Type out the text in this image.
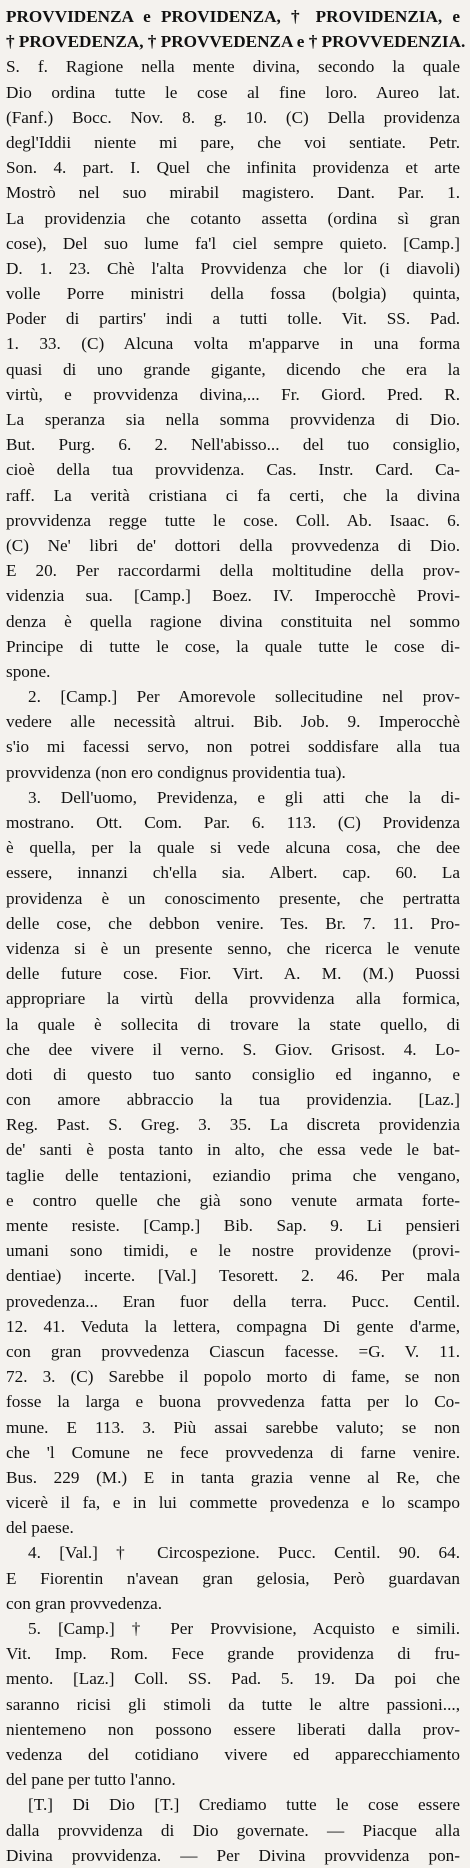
PROVVIDENZA e PROVIDENZA, † PROVIDENZIA, e
† PROVEDENZA, † PROVVEDENZA e † PROVVEDENZIA.
S. f. Ragione nella mente divina, secondo la quale
Dio ordina tutte le cose al fine loro. Aureo lat.
(Fanf.) Bocc. Nov. 8. g. 10. (C) Della providenza
degl'Iddii niente mi pare, che voi sentiate. Petr.
Son. 4. part. I. Quel che infinita providenza et arte
Mostrò nel suo mirabil magistero. Dant. Par. 1.
La providenzia che cotanto assetta (ordina sì gran
cose), Del suo lume fa'l ciel sempre quieto. [Camp.]
D. 1. 23. Chè l'alta Provvidenza che lor (i diavoli)
volle Porre ministri della fossa (bolgia) quinta,
Poder di partirs' indi a tutti tolle. Vit. SS. Pad.
1. 33. (C) Alcuna volta m'apparve in una forma
quasi di uno grande gigante, dicendo che era la
virtù, e provvidenza divina,... Fr. Giord. Pred. R.
La speranza sia nella somma provvidenza di Dio.
But. Purg. 6. 2. Nell'abisso... del tuo consiglio,
cioè della tua provvidenza. Cas. Instr. Card. Ca-
raff. La verità cristiana ci fa certi, che la divina
provvidenza regge tutte le cose. Coll. Ab. Isaac. 6.
(C) Ne' libri de' dottori della provvedenza di Dio.
E 20. Per raccordarmi della moltitudine della prov-
videnzia sua. [Camp.] Boez. IV. Imperocchè Provi-
denza è quella ragione divina constituita nel sommo
Principe di tutte le cose, la quale tutte le cose di-
spone.
2. [Camp.] Per Amorevole sollecitudine nel prov-
vedere alle necessità altrui. Bib. Job. 9. Imperocchè
s'io mi facessi servo, non potrei soddisfare alla tua
provvidenza (non ero condignus providentia tua).
3. Dell'uomo, Previdenza, e gli atti che la di-
mostrano. Ott. Com. Par. 6. 113. (C) Providenza
è quella, per la quale si vede alcuna cosa, che dee
essere, innanzi ch'ella sia. Albert. cap. 60. La
providenza è un conoscimento presente, che pertratta
delle cose, che debbon venire. Tes. Br. 7. 11. Pro-
videnza si è un presente senno, che ricerca le venute
delle future cose. Fior. Virt. A. M. (M.) Puossi
appropriare la virtù della provvidenza alla formica,
la quale è sollecita di trovare la state quello, di
che dee vivere il verno. S. Giov. Grisost. 4. Lo-
doti di questo tuo santo consiglio ed inganno, e
con amore abbraccio la tua providenzia. [Laz.]
Reg. Past. S. Greg. 3. 35. La discreta providenzia
de' santi è posta tanto in alto, che essa vede le bat-
taglie delle tentazioni, eziandio prima che vengano,
e contro quelle che già sono venute armata forte-
mente resiste. [Camp.] Bib. Sap. 9. Li pensieri
umani sono timidi, e le nostre providenze (provi-
dentiae) incerte. [Val.] Tesorett. 2. 46. Per mala
provedenza... Eran fuor della terra. Pucc. Centil.
12. 41. Veduta la lettera, compagna Di gente d'arme,
con gran provvedenza Ciascun facesse. =G. V. 11.
72. 3. (C) Sarebbe il popolo morto di fame, se non
fosse la larga e buona provvedenza fatta per lo Co-
mune. E 113. 3. Più assai sarebbe valuto; se non
che 'l Comune ne fece provvedenza di farne venire.
Bus. 229 (M.) E in tanta grazia venne al Re, che
vicerè il fa, e in lui commette provedenza e lo scampo
del paese.
4. [Val.] † Circospezione. Pucc. Centil. 90. 64.
E Fiorentin n'avean gran gelosia, Però guardavan
con gran provvedenza.
5. [Camp.] † Per Provvisione, Acquisto e simili.
Vit. Imp. Rom. Fece grande providenza di fru-
mento. [Laz.] Coll. SS. Pad. 5. 19. Da poi che
saranno ricisi gli stimoli da tutte le altre passioni...,
nientemeno non possono essere liberati dalla prov-
vedenza del cotidiano vivere ed apparecchiamento
del pane per tutto l'anno.
[T.] Di Dio [T.] Crediamo tutte le cose essere
dalla provvidenza di Dio governate. — Piacque alla
Divina provvidenza. — Per Divina provvidenza pon-
